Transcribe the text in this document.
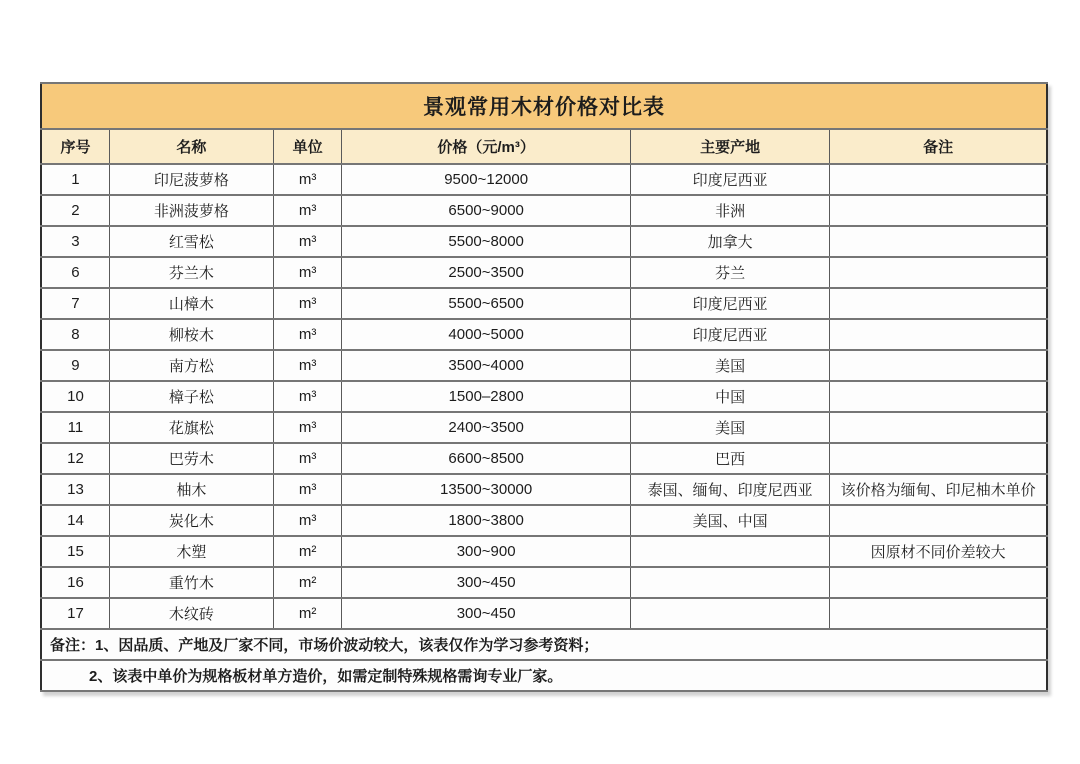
景观常用木材价格对比表					
序号	名称	单位	价格（元/m³）	主要产地	备注
1	印尼菠萝格	m³	9500~12000	印度尼西亚	
2	非洲菠萝格	m³	6500~9000	非洲	
3	红雪松	m³	5500~8000	加拿大	
6	芬兰木	m³	2500~3500	芬兰	
7	山樟木	m³	5500~6500	印度尼西亚	
8	柳桉木	m³	4000~5000	印度尼西亚	
9	南方松	m³	3500~4000	美国	
10	樟子松	m³	1500–2800	中国	
11	花旗松	m³	2400~3500	美国	
12	巴劳木	m³	6600~8500	巴西	
13	柚木	m³	13500~30000	泰国、缅甸、印度尼西亚	该价格为缅甸、印尼柚木单价
14	炭化木	m³	1800~3800	美国、中国	
15	木塑	m²	300~900		因原材不同价差较大
16	重竹木	m²	300~450		
17	木纹砖	m²	300~450		
备注：1、因品质、产地及厂家不同，市场价波动较大，该表仅作为学习参考资料；					
2、该表中单价为规格板材单方造价，如需定制特殊规格需询专业厂家。					
